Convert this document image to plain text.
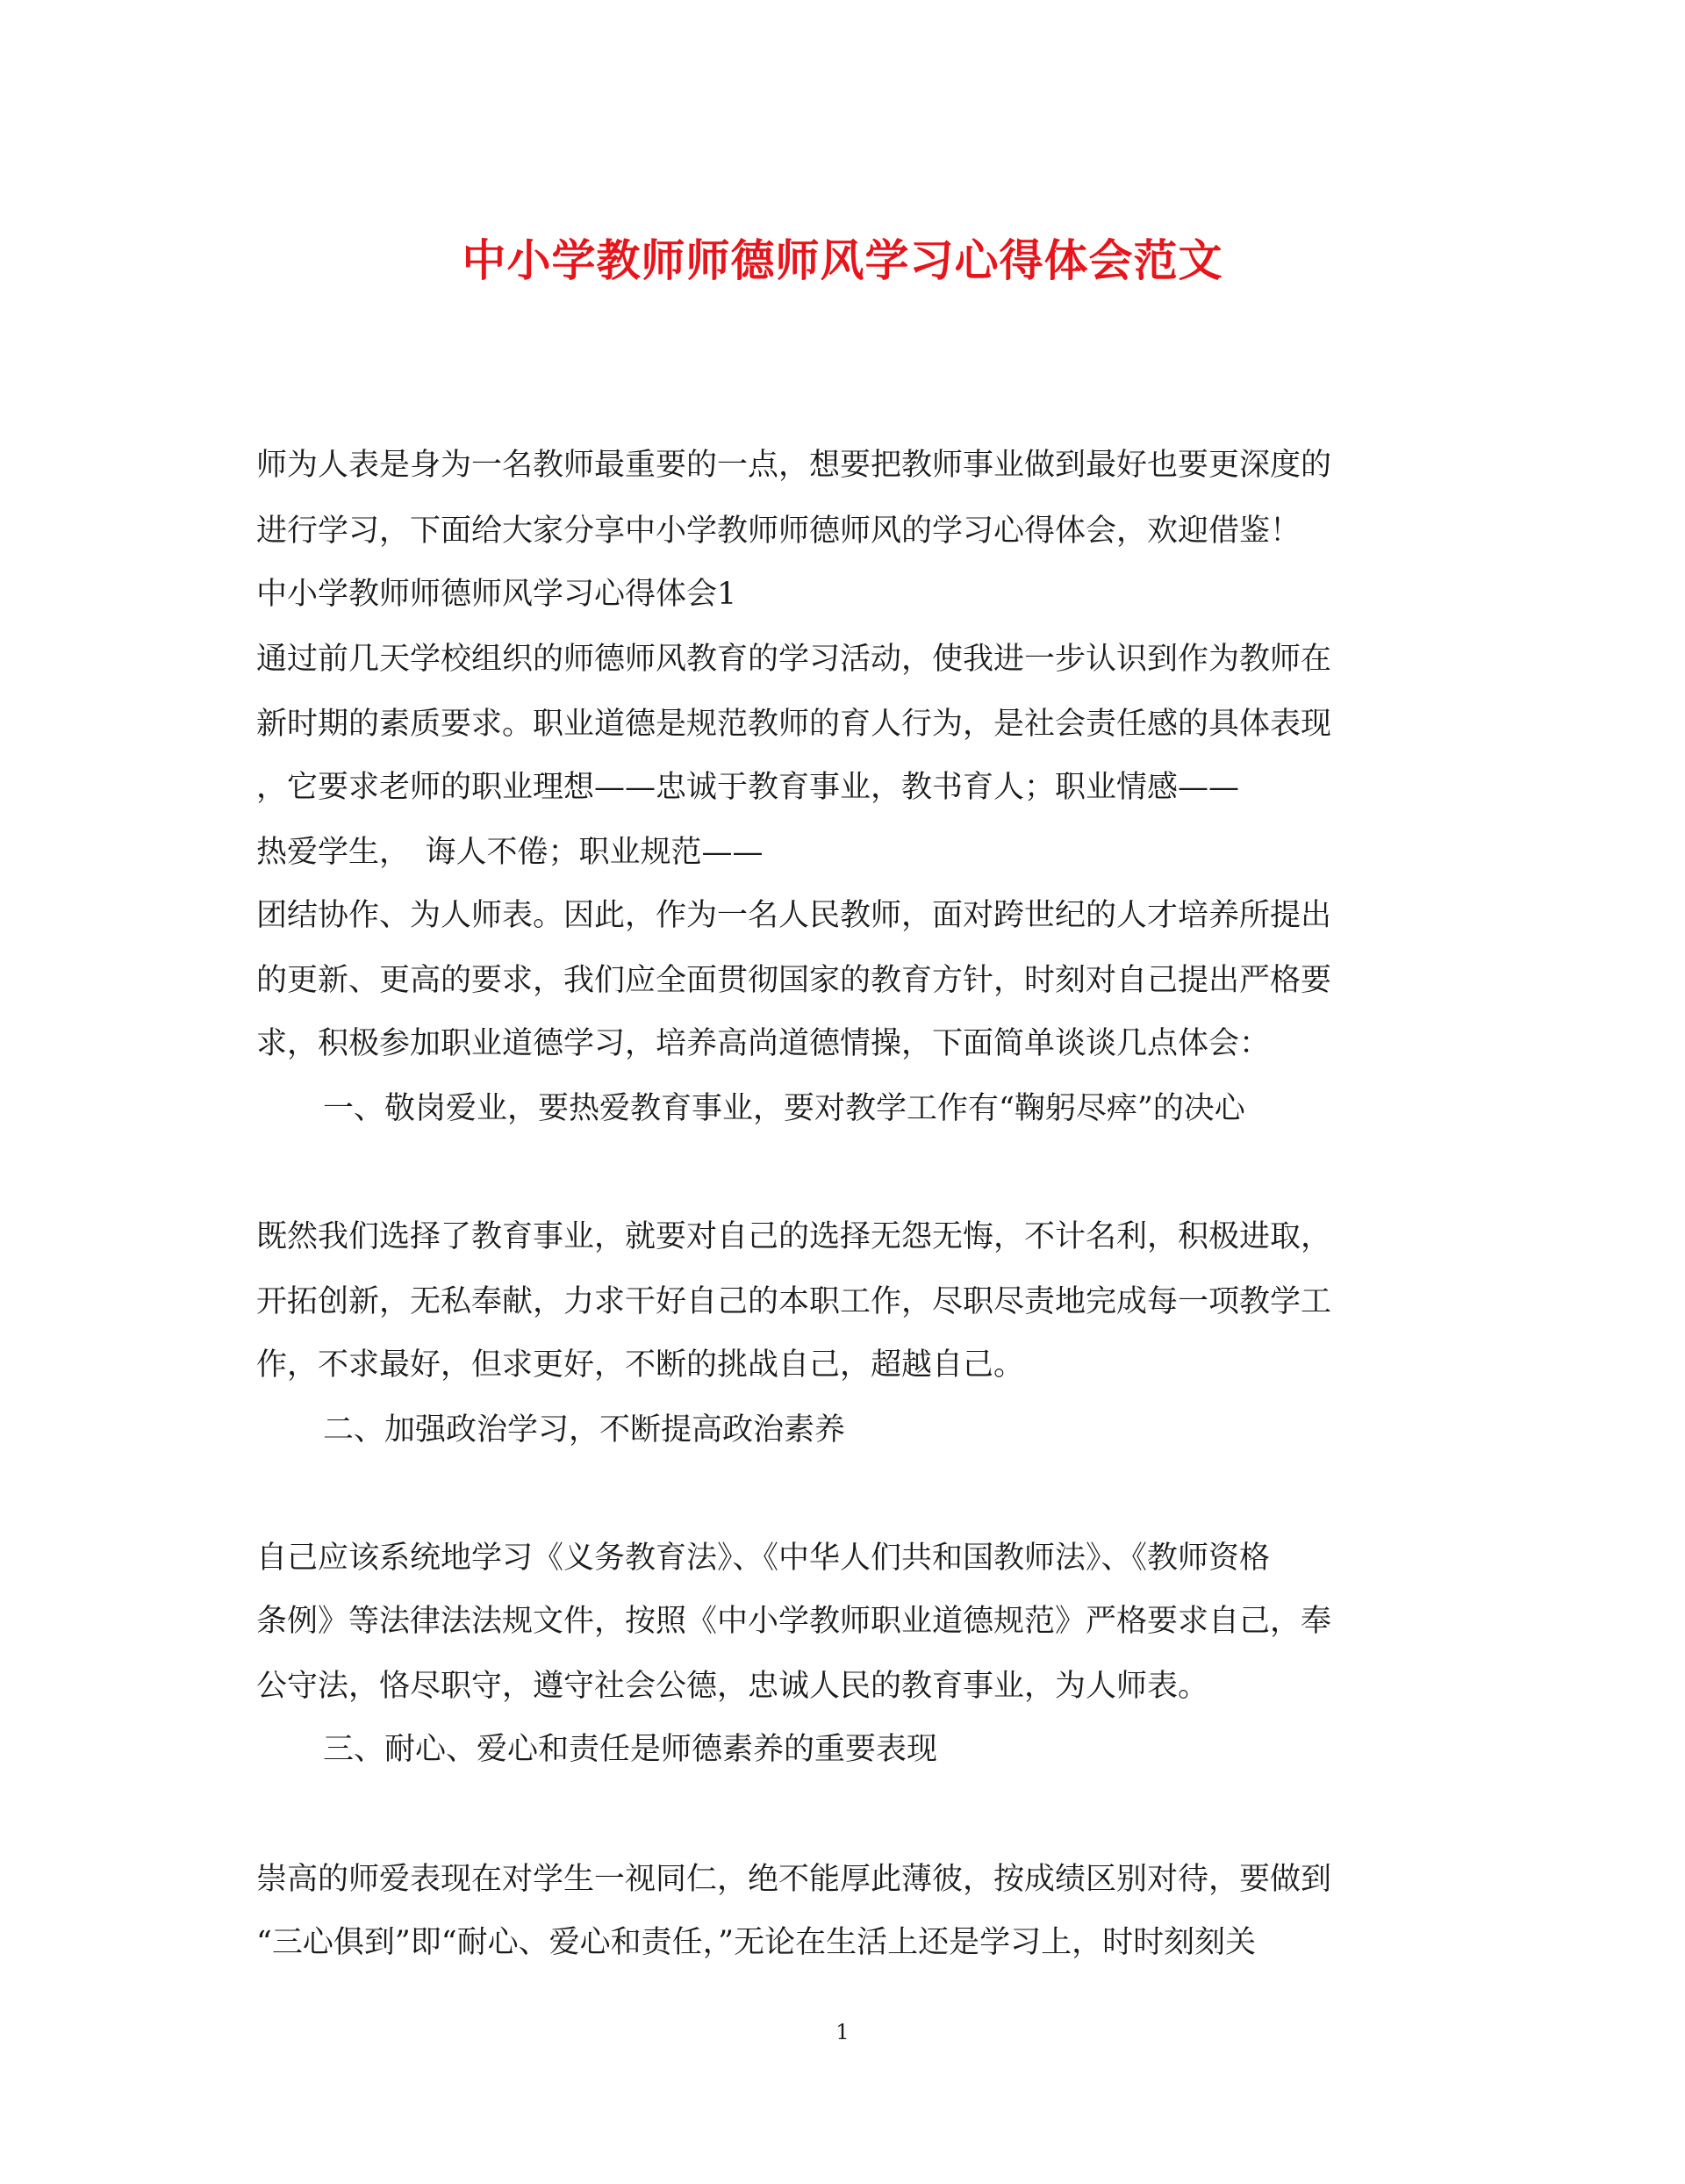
中小学教师师德师风学习心得体会范文

师为人表是身为一名教师最重要的一点，想要把教师事业做到最好也要更深度的

进行学习，下面给大家分享中小学教师师德师风的学习心得体会，欢迎借鉴！

中小学教师师德师风学习心得体会1

通过前几天学校组织的师德师风教育的学习活动，使我进一步认识到作为教师在

新时期的素质要求。职业道德是规范教师的育人行为，是社会责任感的具体表现

，它要求老师的职业理想——忠诚于教育事业，教书育人；职业情感——

热爱学生，　诲人不倦；职业规范——

团结协作、为人师表。因此，作为一名人民教师，面对跨世纪的人才培养所提出

的更新、更高的要求，我们应全面贯彻国家的教育方针，时刻对自己提出严格要

求，积极参加职业道德学习，培养高尚道德情操，下面简单谈谈几点体会：

一、敬岗爱业，要热爱教育事业，要对教学工作有“鞠躬尽瘁”的决心

既然我们选择了教育事业，就要对自己的选择无怨无悔，不计名利，积极进取，

开拓创新，无私奉献，力求干好自己的本职工作，尽职尽责地完成每一项教学工

作，不求最好，但求更好，不断的挑战自己，超越自己。

二、加强政治学习，不断提高政治素养

自己应该系统地学习《义务教育法》、《中华人们共和国教师法》、《教师资格

条例》等法律法法规文件，按照《中小学教师职业道德规范》严格要求自己，奉

公守法，恪尽职守，遵守社会公德，忠诚人民的教育事业，为人师表。

三、耐心、爱心和责任是师德素养的重要表现

崇高的师爱表现在对学生一视同仁，绝不能厚此薄彼，按成绩区别对待，要做到

“三心俱到”即“耐心、爱心和责任，”无论在生活上还是学习上，时时刻刻关

1
